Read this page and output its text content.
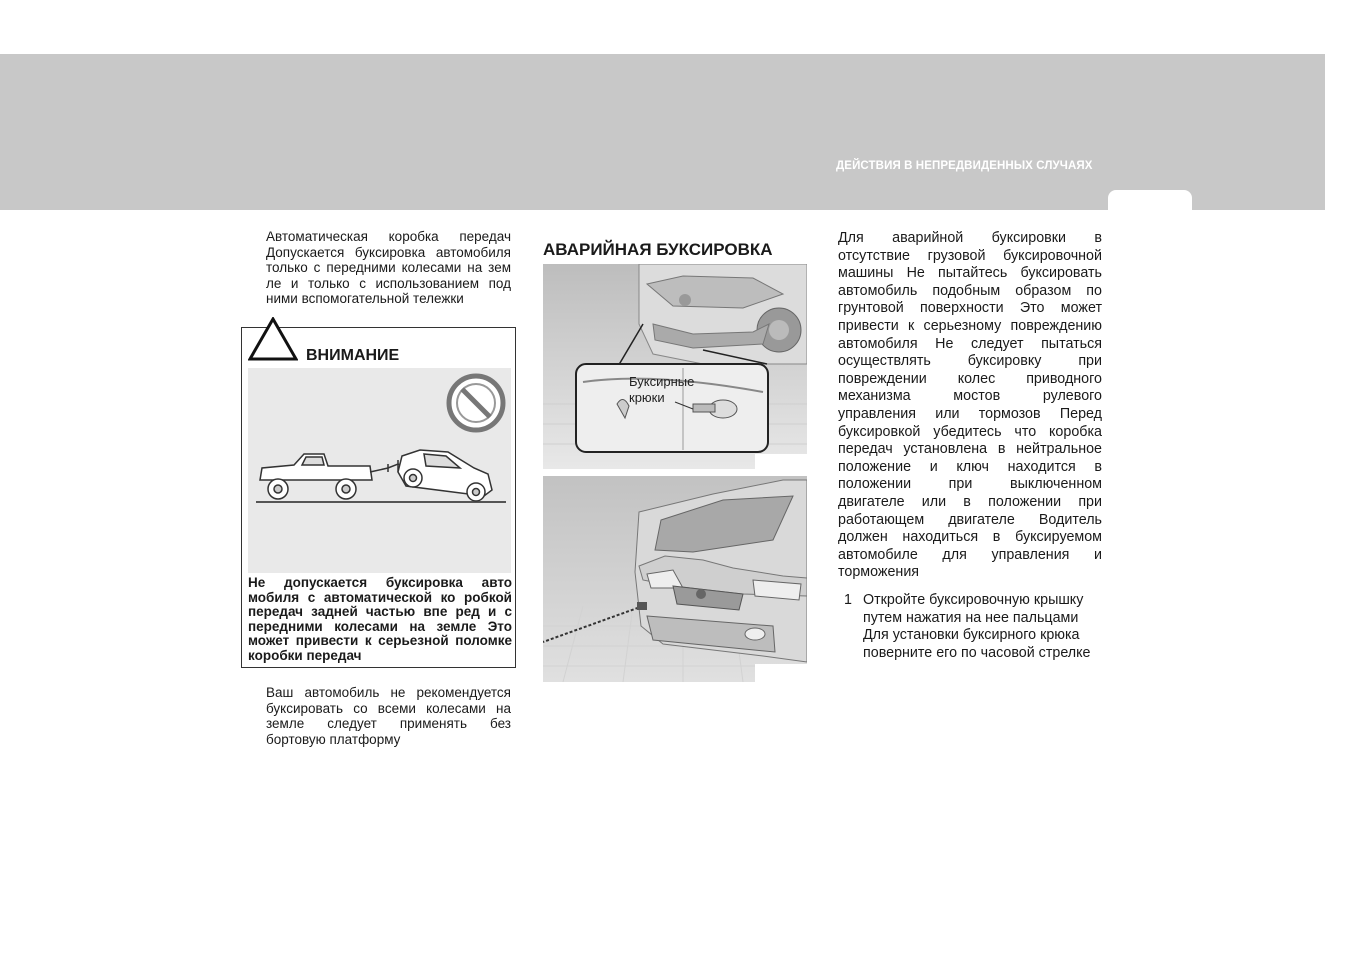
ДЕЙСТВИЯ В НЕПРЕДВИДЕННЫХ СЛУЧАЯХ

Автоматическая коробка передач Допускается буксировка автомобиля только с передними колесами на зем ле и только с использованием под ними вспомогательной тележки

ВНИМАНИЕ

Не допускается буксировка авто мобиля с автоматической ко робкой передач задней частью впе ред и с передними колесами на земле Это может привести к серьезной поломке коробки передач

Ваш автомобиль не рекомендуется буксировать со всеми колесами на земле следует применять без бортовую платформу

АВАРИЙНАЯ БУКСИРОВКА
Буксирные
крюки

Для аварийной буксировки в отсутствие грузовой буксировочной машины Не пытайтесь буксировать автомобиль подобным образом по грунтовой поверхности Это может привести к серьезному повреждению автомобиля Не следует пытаться осуществлять буксировку при повреждении колес приводного механизма мостов рулевого управления или тормозов Перед буксировкой убедитесь что коробка передач установлена в нейтральное положение и ключ находится в положении при выключенном двигателе или в положении при работающем двигателе Водитель должен находиться в буксируемом автомобиле для управления и торможения

1 Откройте буксировочную крышку путем нажатия на нее пальцами Для установки буксирного крюка поверните его по часовой стрелке
